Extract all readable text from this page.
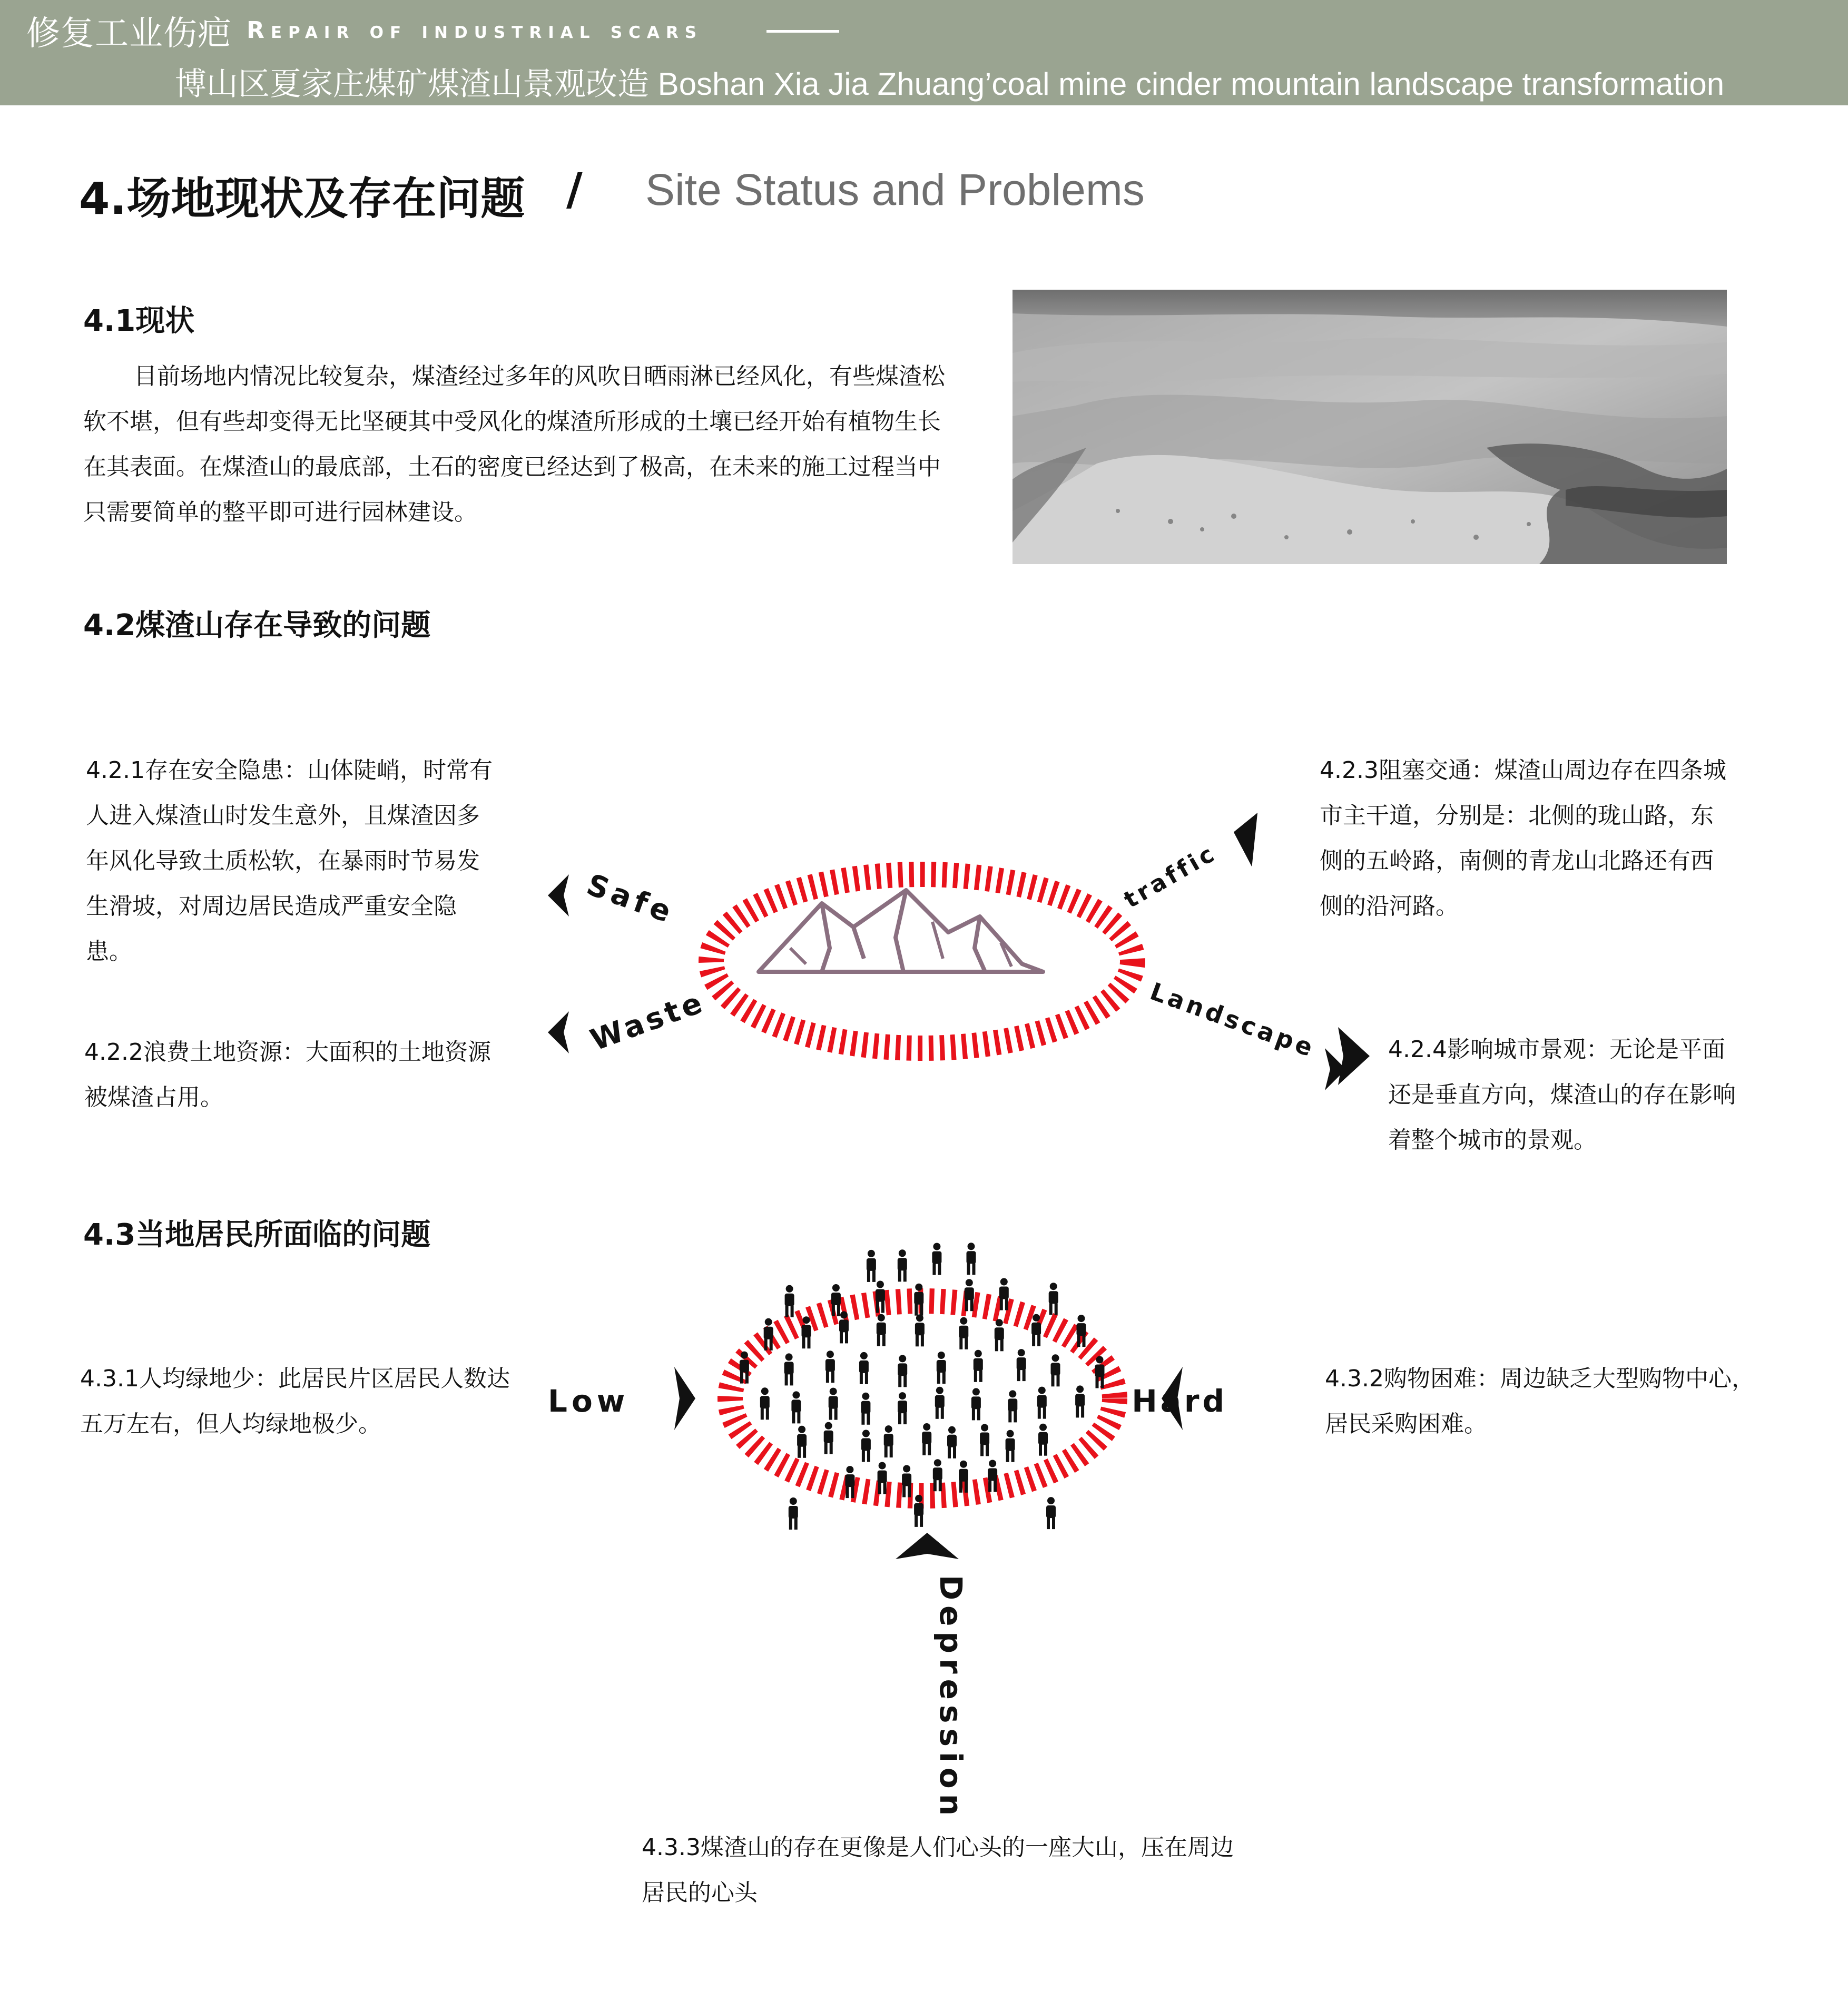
修复工业伤疤 Repair of industrial scars
博山区夏家庄煤矿煤渣山景观改造 Boshan Xia Jia Zhuang’coal mine cinder mountain landscape transformation
4.场地现状及存在问题 / Site Status and Problems
4.1现状
目前场地内情况比较复杂，煤渣经过多年的风吹日晒雨淋已经风化，有些煤渣松软不堪，但有些却变得无比坚硬其中受风化的煤渣所形成的土壤已经开始有植物生长在其表面。在煤渣山的最底部，土石的密度已经达到了极高，在未来的施工过程当中只需要简单的整平即可进行园林建设。
4.2煤渣山存在导致的问题
4.2.1存在安全隐患：山体陡峭，时常有人进入煤渣山时发生意外，且煤渣因多年风化导致土质松软，在暴雨时节易发生滑坡，对周边居民造成严重安全隐患。
4.2.2浪费土地资源：大面积的土地资源被煤渣占用。
4.2.3阻塞交通：煤渣山周边存在四条城市主干道，分别是：北侧的珑山路，东侧的五岭路，南侧的青龙山北路还有西侧的沿河路。
4.2.4影响城市景观：无论是平面还是垂直方向，煤渣山的存在影响着整个城市的景观。
Safe
Waste
traffic
Landscape
4.3当地居民所面临的问题
4.3.1人均绿地少：此居民片区居民人数达五万左右，但人均绿地极少。
4.3.2购物困难：周边缺乏大型购物中心，居民采购困难。
4.3.3煤渣山的存在更像是人们心头的一座大山，压在周边居民的心头
Low	Hard
Depression
